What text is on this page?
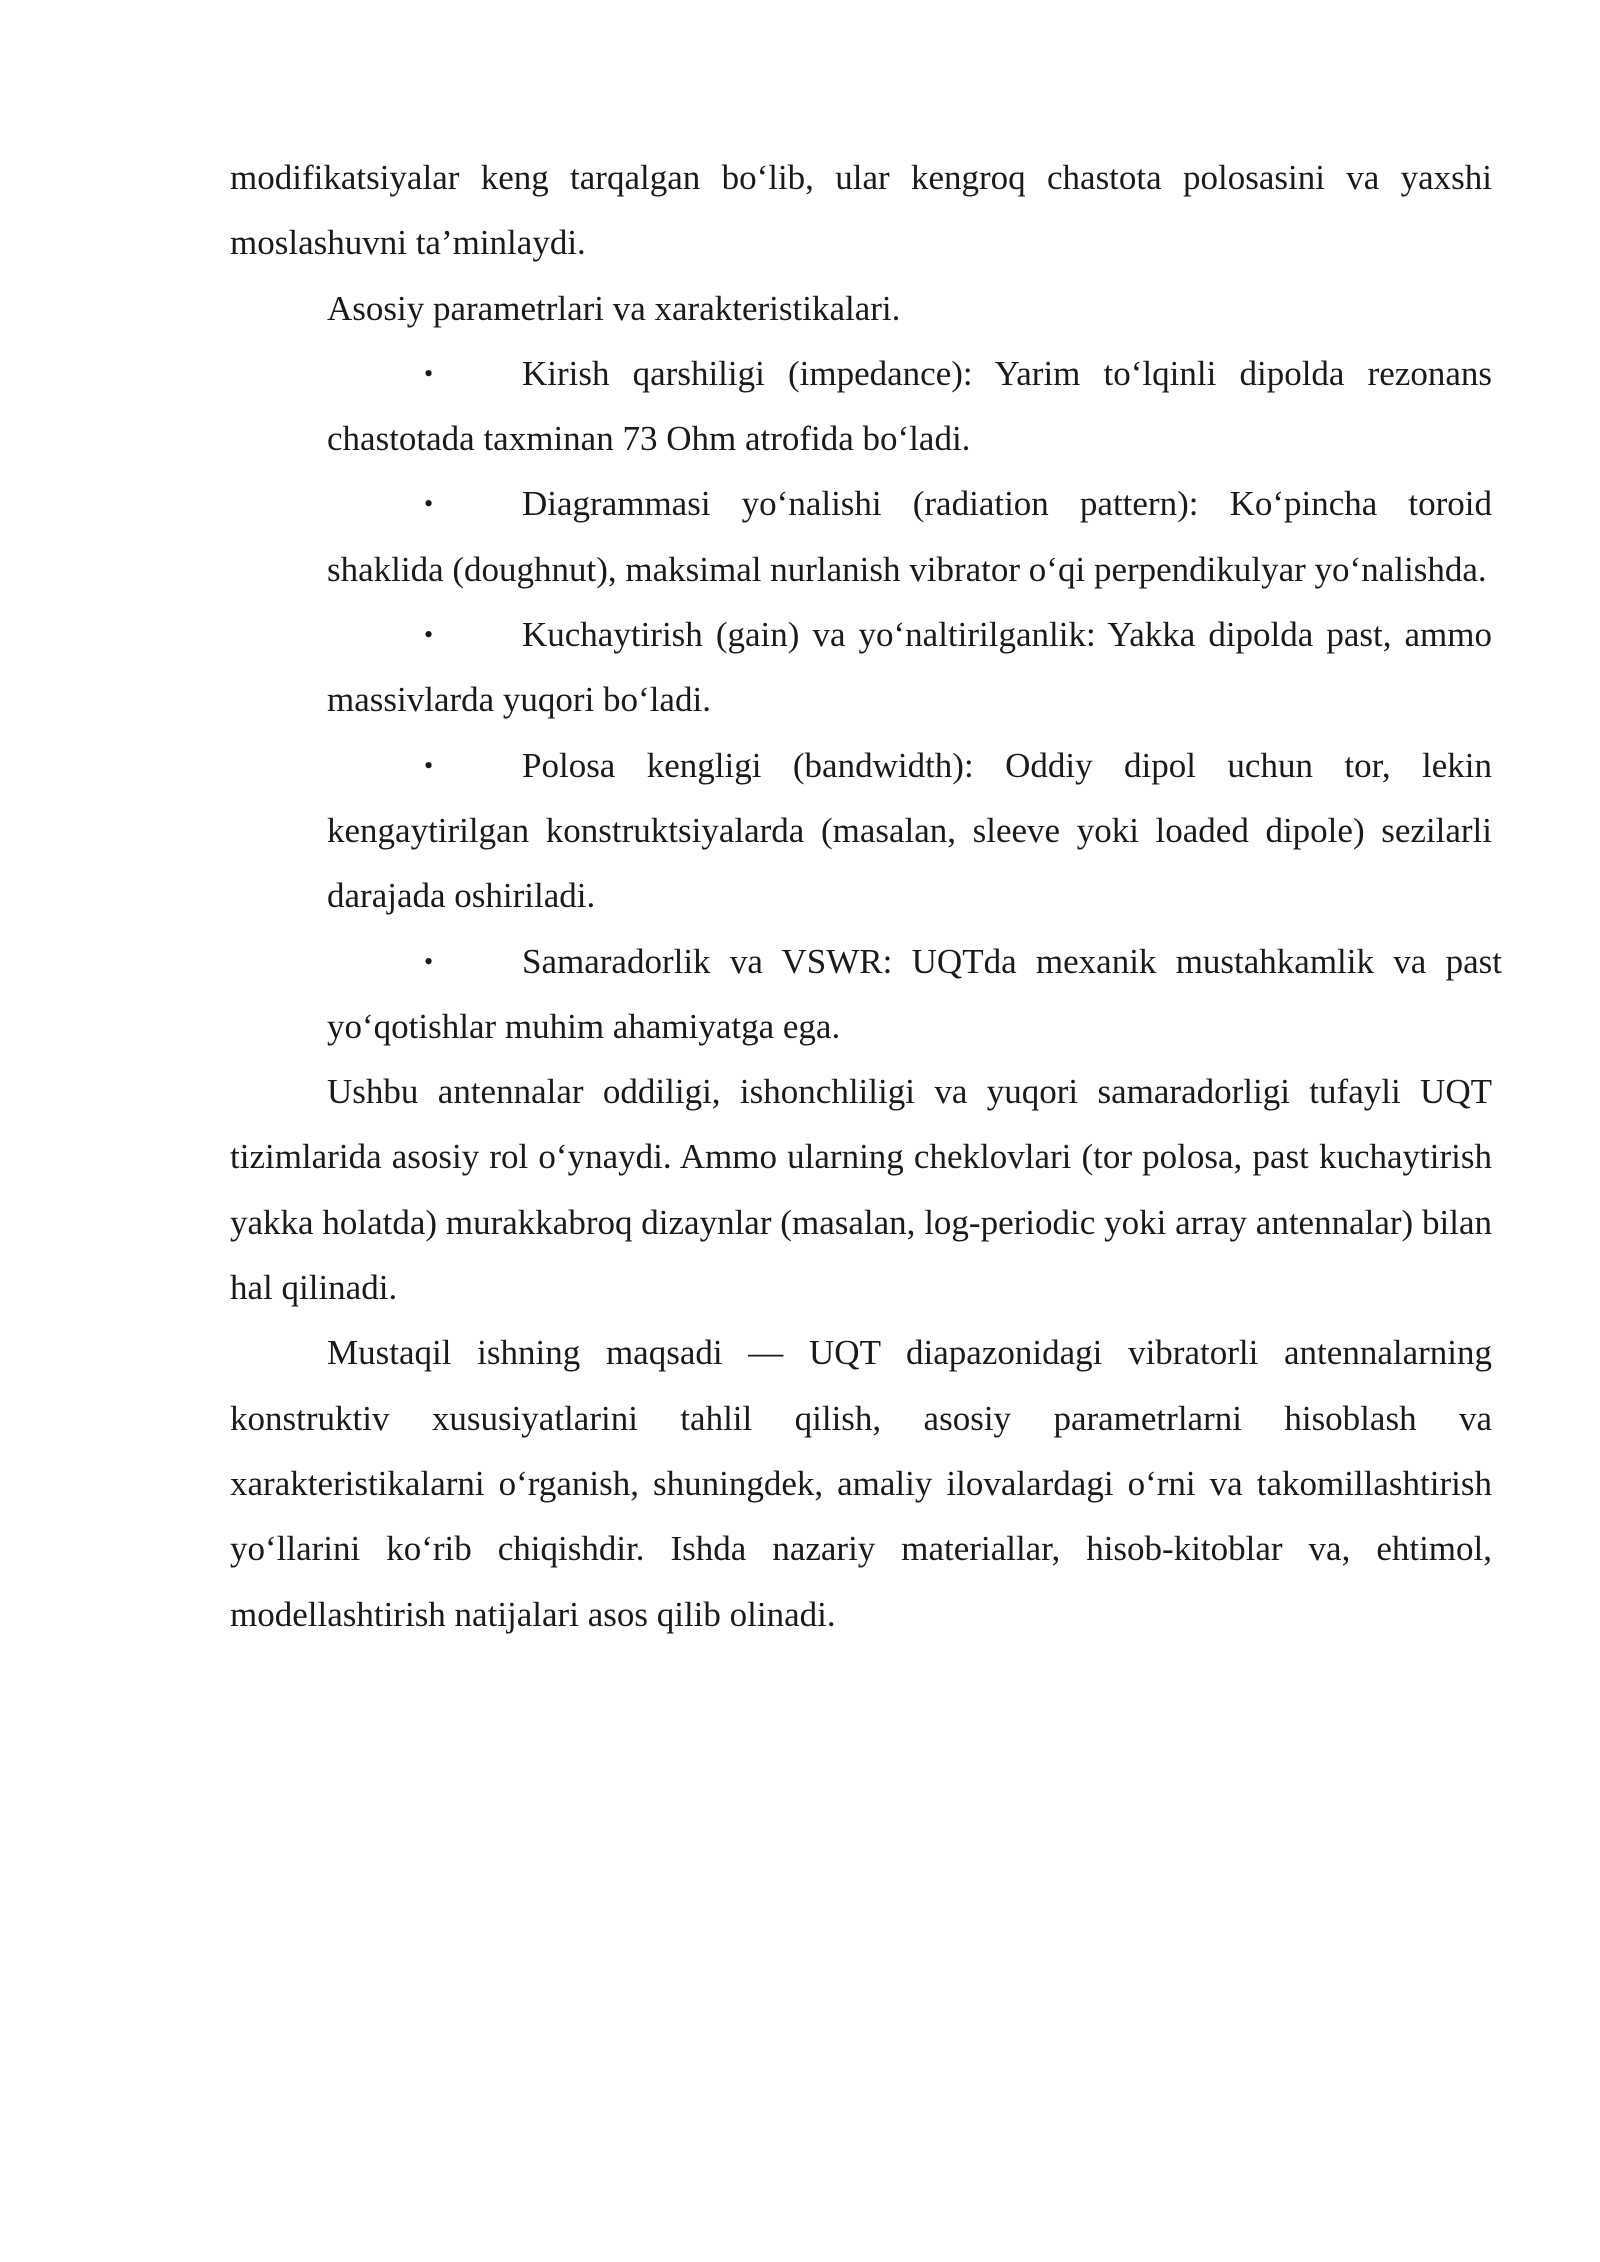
modifikatsiyalar keng tarqalgan bo‘lib, ular kengroq chastota polosasini va yaxshi moslashuvni ta’minlaydi.

Asosiy parametrlari va xarakteristikalari.

•	Kirish qarshiligi (impedance): Yarim to‘lqinli dipolda rezonans chastotada taxminan 73 Ohm atrofida bo‘ladi.
•	Diagrammasi yo‘nalishi (radiation pattern): Ko‘pincha toroid shaklida (doughnut), maksimal nurlanish vibrator o‘qi perpendikulyar yo‘nalishda.
•	Kuchaytirish (gain) va yo‘naltirilganlik: Yakka dipolda past, ammo massivlarda yuqori bo‘ladi.
•	Polosa kengligi (bandwidth): Oddiy dipol uchun tor, lekin kengaytirilgan konstruktsiyalarda (masalan, sleeve yoki loaded dipole) sezilarli darajada oshiriladi.
•	Samaradorlik va VSWR: UQTda mexanik mustahkamlik va past yo‘qotishlar muhim ahamiyatga ega.

Ushbu antennalar oddiligi, ishonchliligi va yuqori samaradorligi tufayli UQT tizimlarida asosiy rol o‘ynaydi. Ammo ularning cheklovlari (tor polosa, past kuchaytirish yakka holatda) murakkabroq dizaynlar (masalan, log-periodic yoki array antennalar) bilan hal qilinadi.

Mustaqil ishning maqsadi — UQT diapazonidagi vibratorli antennalarning konstruktiv xususiyatlarini tahlil qilish, asosiy parametrlarni hisoblash va xarakteristikalarni o‘rganish, shuningdek, amaliy ilovalardagi o‘rni va takomillashtirish yo‘llarini ko‘rib chiqishdir. Ishda nazariy materiallar, hisob-kitoblar va, ehtimol, modellashtirish natijalari asos qilib olinadi.
